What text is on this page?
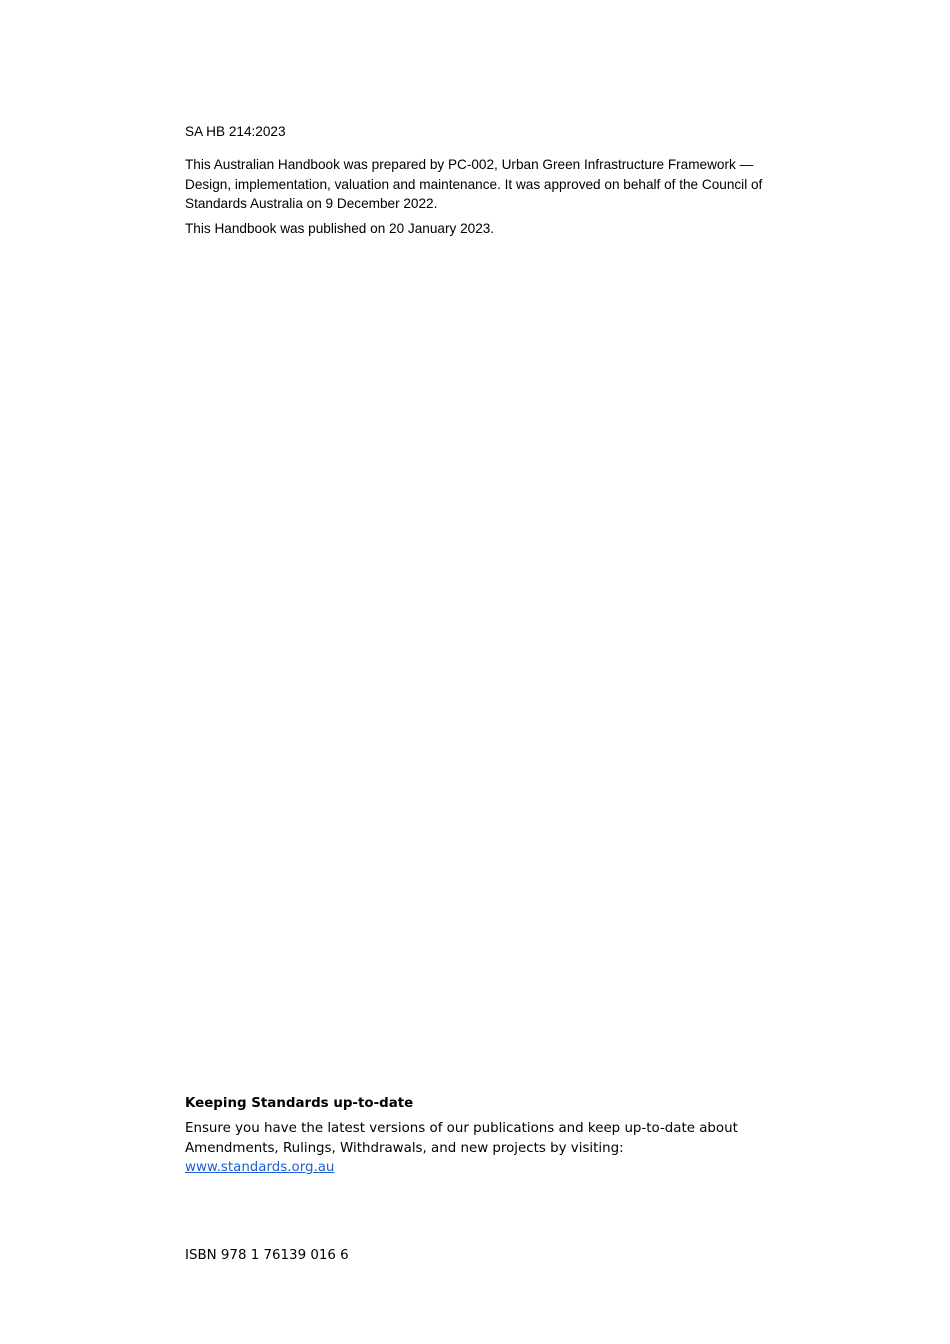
SA HB 214:2023

This Australian Handbook was prepared by PC-002, Urban Green Infrastructure Framework — Design, implementation, valuation and maintenance. It was approved on behalf of the Council of Standards Australia on 9 December 2022.

This Handbook was published on 20 January 2023.

Keeping Standards up-to-date

Ensure you have the latest versions of our publications and keep up-to-date about Amendments, Rulings, Withdrawals, and new projects by visiting:

www.standards.org.au

ISBN 978 1 76139 016 6
